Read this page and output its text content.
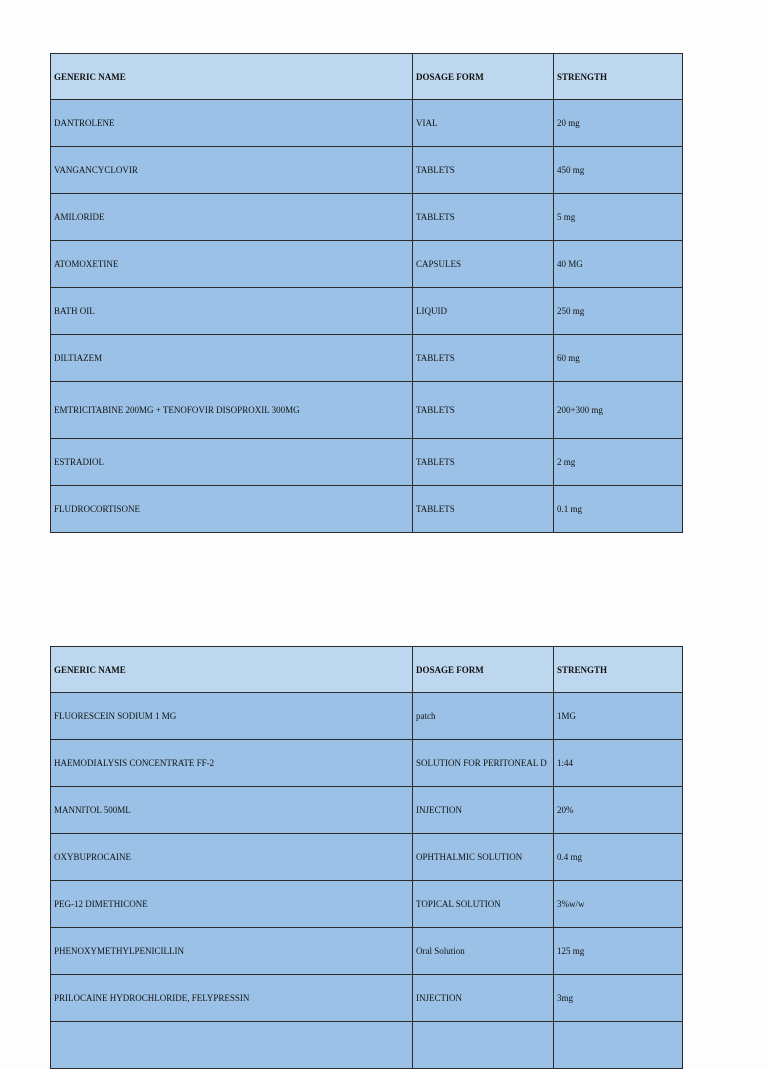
GENERIC NAME	DOSAGE FORM	STRENGTH
DANTROLENE	VIAL	20 mg
VANGANCYCLOVIR	TABLETS	450 mg
AMILORIDE	TABLETS	5 mg
ATOMOXETINE	CAPSULES	40 MG
BATH OIL	LIQUID	250 mg
DILTIAZEM	TABLETS	60 mg
EMTRICITABINE 200MG + TENOFOVIR DISOPROXIL 300MG	TABLETS	200+300 mg
ESTRADIOL	TABLETS	2 mg
FLUDROCORTISONE	TABLETS	0.1 mg
GENERIC NAME	DOSAGE FORM	STRENGTH
FLUORESCEIN SODIUM 1 MG	patch	1MG
HAEMODIALYSIS CONCENTRATE FF-2	SOLUTION FOR PERITONEAL D	1:44
MANNITOL 500ML	INJECTION	20%
OXYBUPROCAINE	OPHTHALMIC SOLUTION	0.4 mg
PEG-12 DIMETHICONE	TOPICAL SOLUTION	3%w/w
PHENOXYMETHYLPENICILLIN	Oral Solution	125 mg
PRILOCAINE HYDROCHLORIDE, FELYPRESSIN	INJECTION	3mg
